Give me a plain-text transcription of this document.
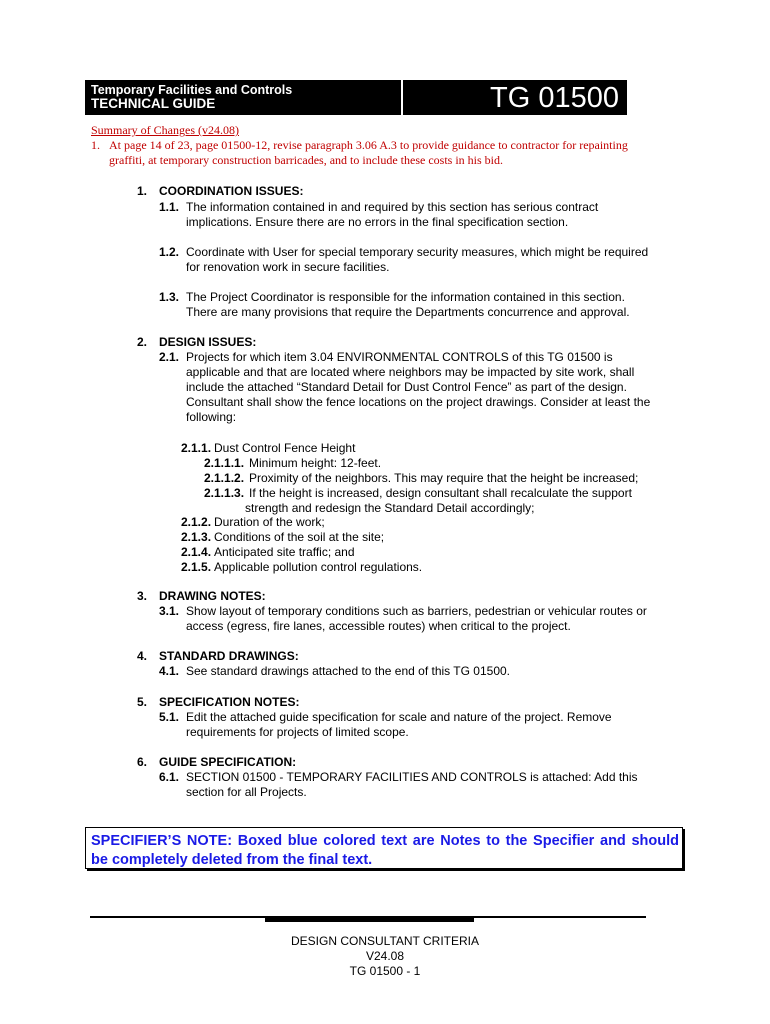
Temporary Facilities and Controls
TECHNICAL GUIDE	TG 01500
Summary of Changes (v24.08)
1. At page 14 of 23, page 01500-12, revise paragraph 3.06 A.3 to provide guidance to contractor for repainting
graffiti, at temporary construction barricades, and to include these costs in his bid.
1. COORDINATION ISSUES:
1.1. The information contained in and required by this section has serious contract
implications. Ensure there are no errors in the final specification section.
1.2. Coordinate with User for special temporary security measures, which might be required
for renovation work in secure facilities.
1.3. The Project Coordinator is responsible for the information contained in this section.
There are many provisions that require the Departments concurrence and approval.
2. DESIGN ISSUES:
2.1. Projects for which item 3.04 ENVIRONMENTAL CONTROLS of this TG 01500 is
applicable and that are located where neighbors may be impacted by site work, shall
include the attached “Standard Detail for Dust Control Fence” as part of the design.
Consultant shall show the fence locations on the project drawings. Consider at least the
following:
2.1.1. Dust Control Fence Height
2.1.1.1. Minimum height: 12-feet.
2.1.1.2. Proximity of the neighbors. This may require that the height be increased;
2.1.1.3. If the height is increased, design consultant shall recalculate the support
strength and redesign the Standard Detail accordingly;
2.1.2. Duration of the work;
2.1.3. Conditions of the soil at the site;
2.1.4. Anticipated site traffic; and
2.1.5. Applicable pollution control regulations.
3. DRAWING NOTES:
3.1. Show layout of temporary conditions such as barriers, pedestrian or vehicular routes or
access (egress, fire lanes, accessible routes) when critical to the project.
4. STANDARD DRAWINGS:
4.1. See standard drawings attached to the end of this TG 01500.
5. SPECIFICATION NOTES:
5.1. Edit the attached guide specification for scale and nature of the project. Remove
requirements for projects of limited scope.
6. GUIDE SPECIFICATION:
6.1. SECTION 01500 - TEMPORARY FACILITIES AND CONTROLS is attached: Add this
section for all Projects.
SPECIFIER’S NOTE: Boxed blue colored text are Notes to the Specifier and should be completely deleted from the final text.
DESIGN CONSULTANT CRITERIA
V24.08
TG 01500 - 1
